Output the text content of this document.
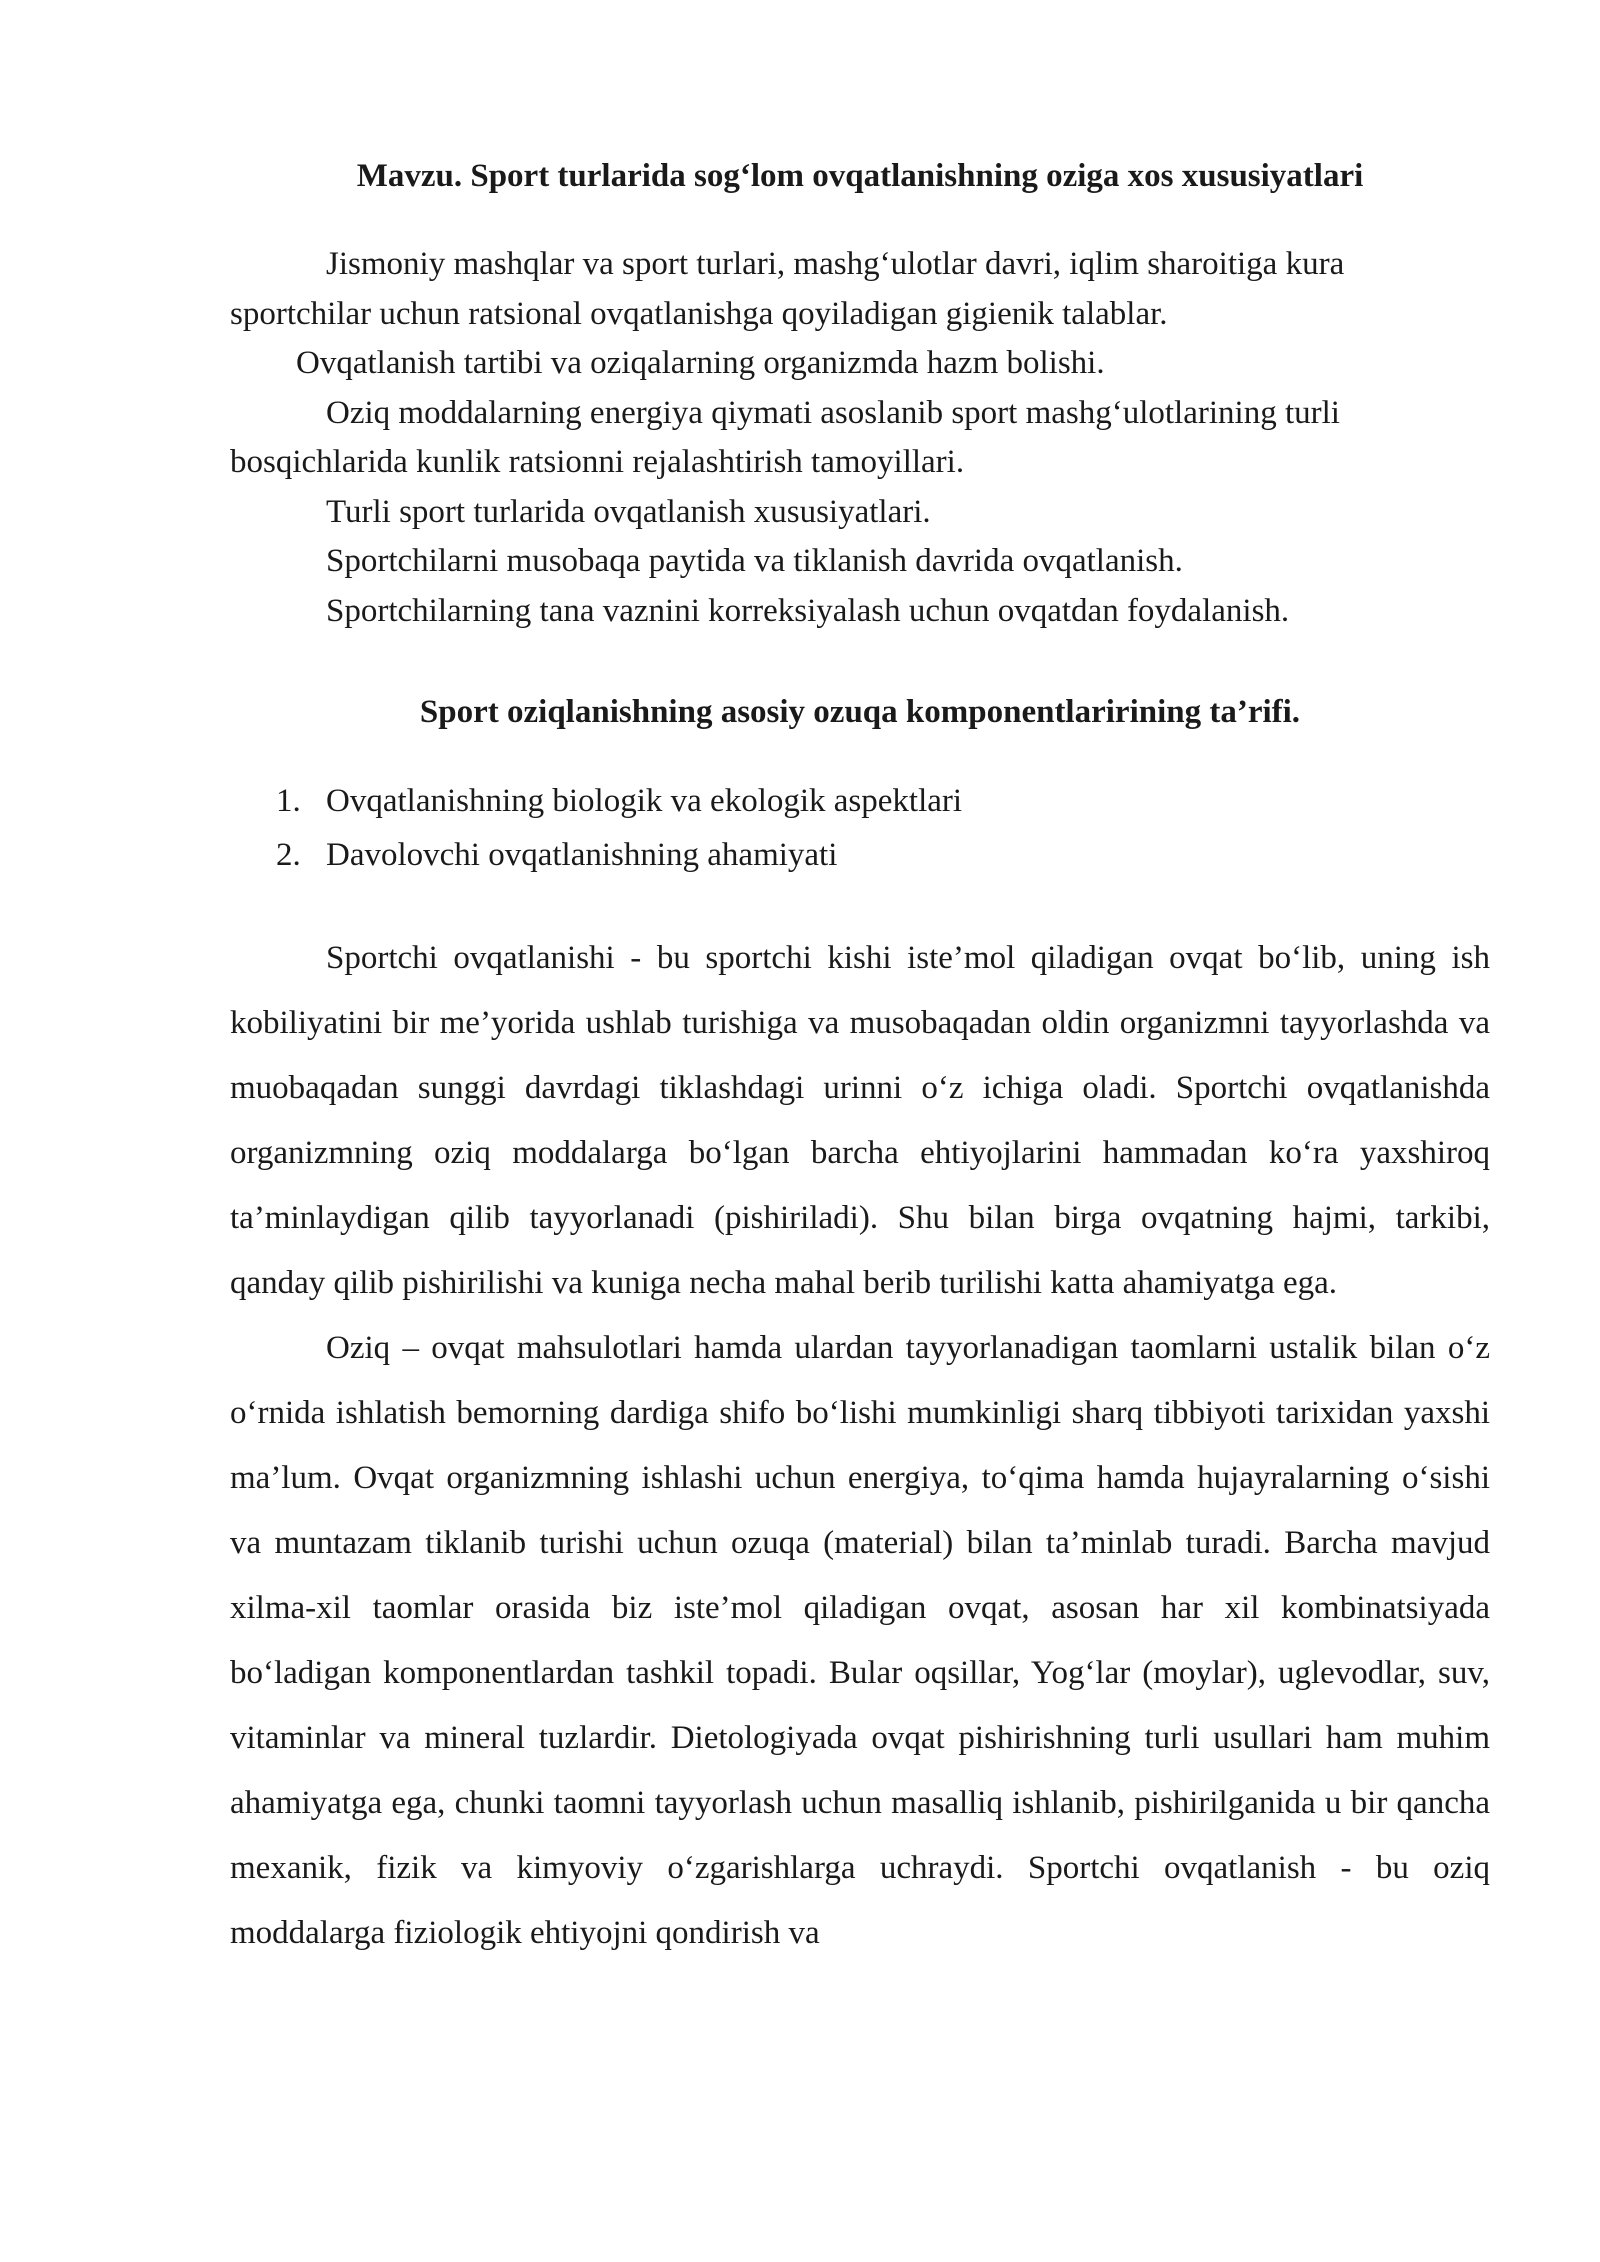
Mavzu. Sport turlarida sog‘lom ovqatlanishning oziga xos xususiyatlari

Jismoniy mashqlar va sport turlari, mashg‘ulotlar davri, iqlim sharoitiga kura sportchilar uchun ratsional ovqatlanishga qoyiladigan gigienik talablar.

Ovqatlanish tartibi va oziqalarning organizmda hazm bolishi.

Oziq moddalarning energiya qiymati asoslanib sport mashg‘ulotlarining turli bosqichlarida kunlik ratsionni rejalashtirish tamoyillari.

Turli sport turlarida ovqatlanish xususiyatlari.

Sportchilarni musobaqa paytida va tiklanish davrida ovqatlanish.

Sportchilarning tana vaznini korreksiyalash uchun ovqatdan foydalanish.

Sport oziqlanishning asosiy ozuqa komponentlaririning ta’rifi.
1. Ovqatlanishning biologik va ekologik aspektlari
2. Davolovchi ovqatlanishning ahamiyati

Sportchi ovqatlanishi - bu sportchi kishi iste’mol qiladigan ovqat bo‘lib, uning ish kobiliyatini bir me’yorida ushlab turishiga va musobaqadan oldin organizmni tayyorlashda va muobaqadan sunggi davrdagi tiklashdagi urinni o‘z ichiga oladi. Sportchi ovqatlanishda organizmning oziq moddalarga bo‘lgan barcha ehtiyojlarini hammadan ko‘ra yaxshiroq ta’minlaydigan qilib tayyorlanadi (pishiriladi). Shu bilan birga ovqatning hajmi, tarkibi, qanday qilib pishirilishi va kuniga necha mahal berib turilishi katta ahamiyatga ega.

Oziq – ovqat mahsulotlari hamda ulardan tayyorlanadigan taomlarni ustalik bilan o‘z o‘rnida ishlatish bemorning dardiga shifo bo‘lishi mumkinligi sharq tibbiyoti tarixidan yaxshi ma’lum. Ovqat organizmning ishlashi uchun energiya, to‘qima hamda hujayralarning o‘sishi va muntazam tiklanib turishi uchun ozuqa (material) bilan ta’minlab turadi. Barcha mavjud xilma-xil taomlar orasida biz iste’mol qiladigan ovqat, asosan har xil kombinatsiyada bo‘ladigan komponentlardan tashkil topadi. Bular oqsillar, Yog‘lar (moylar), uglevodlar, suv, vitaminlar va mineral tuzlardir. Dietologiyada ovqat pishirishning turli usullari ham muhim ahamiyatga ega, chunki taomni tayyorlash uchun masalliq ishlanib, pishirilganida u bir qancha mexanik, fizik va kimyoviy o‘zgarishlarga uchraydi. Sportchi ovqatlanish - bu oziq moddalarga fiziologik ehtiyojni qondirish va
